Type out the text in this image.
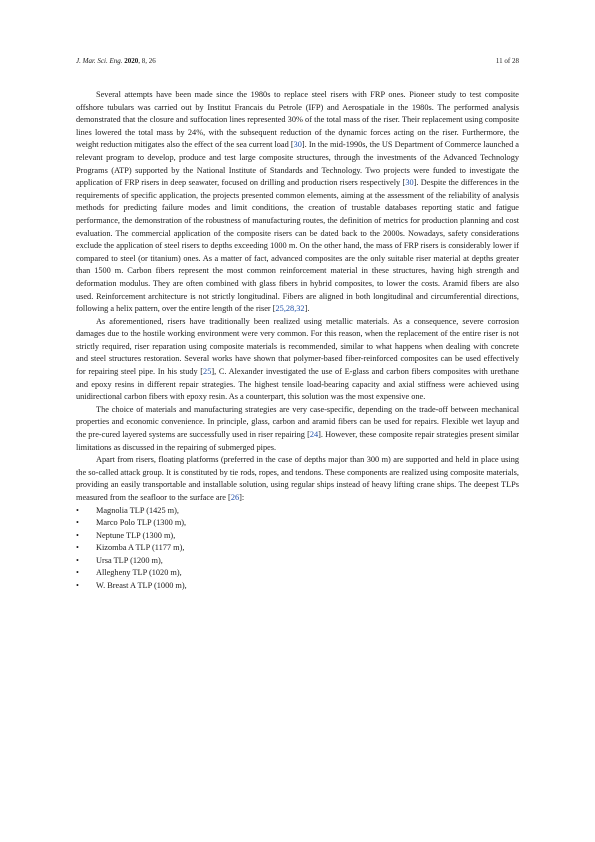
J. Mar. Sci. Eng. 2020, 8, 26	11 of 28

Several attempts have been made since the 1980s to replace steel risers with FRP ones. Pioneer study to test composite offshore tubulars was carried out by Institut Francais du Petrole (IFP) and Aerospatiale in the 1980s. The performed analysis demonstrated that the closure and suffocation lines represented 30% of the total mass of the riser. Their replacement using composite lines lowered the total mass by 24%, with the subsequent reduction of the dynamic forces acting on the riser. Furthermore, the weight reduction mitigates also the effect of the sea current load [30]. In the mid-1990s, the US Department of Commerce launched a relevant program to develop, produce and test large composite structures, through the investments of the Advanced Technology Programs (ATP) supported by the National Institute of Standards and Technology. Two projects were funded to investigate the application of FRP risers in deep seawater, focused on drilling and production risers respectively [30]. Despite the differences in the requirements of specific application, the projects presented common elements, aiming at the assessment of the reliability of analysis methods for predicting failure modes and limit conditions, the creation of trustable databases reporting static and fatigue performance, the demonstration of the robustness of manufacturing routes, the definition of metrics for production planning and cost evaluation. The commercial application of the composite risers can be dated back to the 2000s. Nowadays, safety considerations exclude the application of steel risers to depths exceeding 1000 m. On the other hand, the mass of FRP risers is considerably lower if compared to steel (or titanium) ones. As a matter of fact, advanced composites are the only suitable riser material at depths greater than 1500 m. Carbon fibers represent the most common reinforcement material in these structures, having high strength and deformation modulus. They are often combined with glass fibers in hybrid composites, to lower the costs. Aramid fibers are also used. Reinforcement architecture is not strictly longitudinal. Fibers are aligned in both longitudinal and circumferential directions, following a helix pattern, over the entire length of the riser [25,28,32].

As aforementioned, risers have traditionally been realized using metallic materials. As a consequence, severe corrosion damages due to the hostile working environment were very common. For this reason, when the replacement of the entire riser is not strictly required, riser reparation using composite materials is recommended, similar to what happens when dealing with concrete and steel structures restoration. Several works have shown that polymer-based fiber-reinforced composites can be used effectively for repairing steel pipe. In his study [25], C. Alexander investigated the use of E-glass and carbon fibers composites with urethane and epoxy resins in different repair strategies. The highest tensile load-bearing capacity and axial stiffness were achieved using unidirectional carbon fibers with epoxy resin. As a counterpart, this solution was the most expensive one.

The choice of materials and manufacturing strategies are very case-specific, depending on the trade-off between mechanical properties and economic convenience. In principle, glass, carbon and aramid fibers can be used for repairs. Flexible wet layup and the pre-cured layered systems are successfully used in riser repairing [24]. However, these composite repair strategies present similar limitations as discussed in the repairing of submerged pipes.

Apart from risers, floating platforms (preferred in the case of depths major than 300 m) are supported and held in place using the so-called attack group. It is constituted by tie rods, ropes, and tendons. These components are realized using composite materials, providing an easily transportable and installable solution, using regular ships instead of heavy lifting crane ships. The deepest TLPs measured from the seafloor to the surface are [26]:

• Magnolia TLP (1425 m),
• Marco Polo TLP (1300 m),
• Neptune TLP (1300 m),
• Kizomba A TLP (1177 m),
• Ursa TLP (1200 m),
• Allegheny TLP (1020 m),
• W. Breast A TLP (1000 m),
